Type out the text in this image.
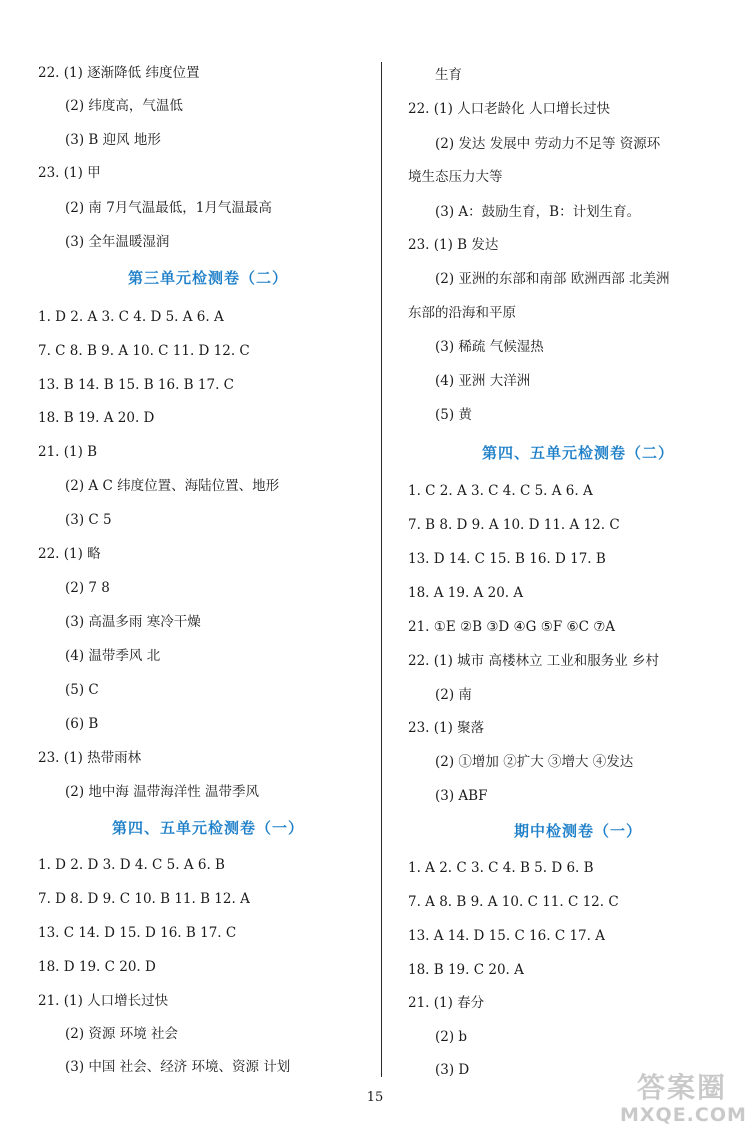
22. (1) 逐渐降低 纬度位置
(2) 纬度高，气温低
(3) B 迎风 地形
23. (1) 甲
(2) 南 7月气温最低，1月气温最高
(3) 全年温暖湿润
第三单元检测卷（二）
1. D 2. A 3. C 4. D 5. A 6. A
7. C 8. B 9. A 10. C 11. D 12. C
13. B 14. B 15. B 16. B 17. C
18. B 19. A 20. D
21. (1) B
(2) A C 纬度位置、海陆位置、地形
(3) C 5
22. (1) 略
(2) 7 8
(3) 高温多雨 寒冷干燥
(4) 温带季风 北
(5) C
(6) B
23. (1) 热带雨林
(2) 地中海 温带海洋性 温带季风
第四、五单元检测卷（一）
1. D 2. D 3. D 4. C 5. A 6. B
7. D 8. D 9. C 10. B 11. B 12. A
13. C 14. D 15. D 16. B 17. C
18. D 19. C 20. D
21. (1) 人口增长过快
(2) 资源 环境 社会
(3) 中国 社会、经济 环境、资源 计划
生育
22. (1) 人口老龄化 人口增长过快
(2) 发达 发展中 劳动力不足等 资源环
境生态压力大等
(3) A：鼓励生育，B：计划生育。
23. (1) B 发达
(2) 亚洲的东部和南部 欧洲西部 北美洲
东部的沿海和平原
(3) 稀疏 气候湿热
(4) 亚洲 大洋洲
(5) 黄
第四、五单元检测卷（二）
1. C 2. A 3. C 4. C 5. A 6. A
7. B 8. D 9. A 10. D 11. A 12. C
13. D 14. C 15. B 16. D 17. B
18. A 19. A 20. A
21. ①E ②B ③D ④G ⑤F ⑥C ⑦A
22. (1) 城市 高楼林立 工业和服务业 乡村
(2) 南
23. (1) 聚落
(2) ①增加 ②扩大 ③增大 ④发达
(3) ABF
期中检测卷（一）
1. A 2. C 3. C 4. B 5. D 6. B
7. A 8. B 9. A 10. C 11. C 12. C
13. A 14. D 15. C 16. C 17. A
18. B 19. C 20. A
21. (1) 春分
(2) b
(3) D
15	答案圈
MXQE.COM
